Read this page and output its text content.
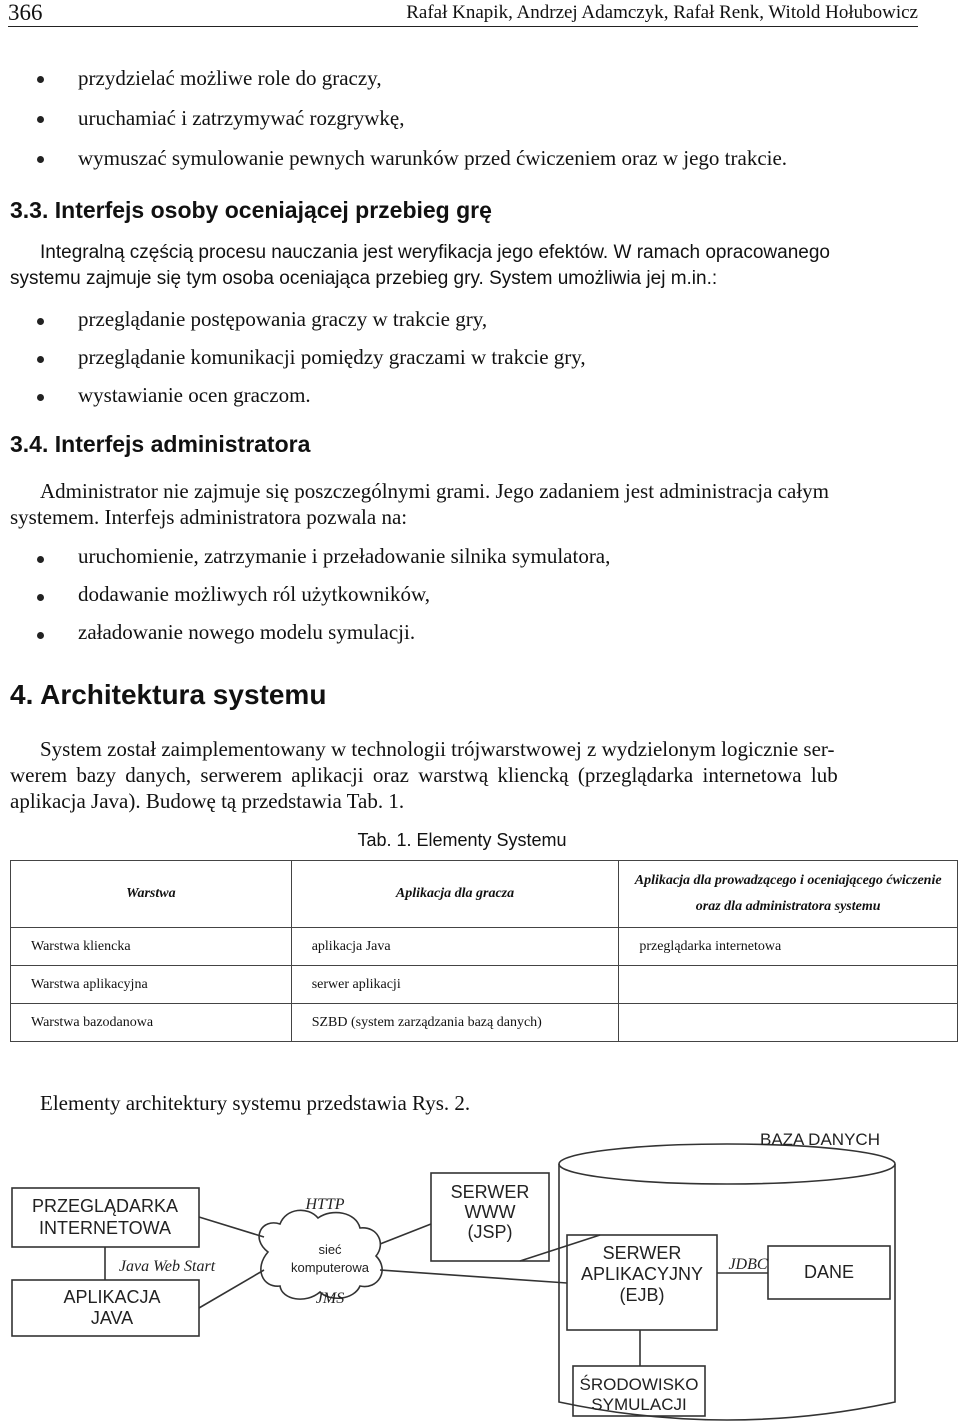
366	Rafał Knapik, Andrzej Adamczyk, Rafał Renk, Witold Hołubowicz
przydzielać możliwe role do graczy,
uruchamiać i zatrzymywać rozgrywkę,
wymuszać symulowanie pewnych warunków przed ćwiczeniem oraz w jego trakcie.
3.3. Interfejs osoby oceniającej przebieg grę
Integralną częścią procesu nauczania jest weryfikacja jego efektów. W ramach opracowanego
systemu zajmuje się tym osoba oceniająca przebieg gry. System umożliwia jej m.in.:
przeglądanie postępowania graczy w trakcie gry,
przeglądanie komunikacji pomiędzy graczami w trakcie gry,
wystawianie ocen graczom.
3.4. Interfejs administratora
Administrator nie zajmuje się poszczególnymi grami. Jego zadaniem jest administracja całym
systemem. Interfejs administratora pozwala na:
uruchomienie, zatrzymanie i przeładowanie silnika symulatora,
dodawanie możliwych ról użytkowników,
załadowanie nowego modelu symulacji.
4. Architektura systemu
System został zaimplementowany w technologii trójwarstwowej z wydzielonym logicznie ser-
werem bazy danych, serwerem aplikacji oraz warstwą kliencką (przeglądarka internetowa lub
aplikacja Java). Budowę tą przedstawia Tab. 1.
Tab. 1. Elementy Systemu
Warstwa	Aplikacja dla gracza	Aplikacja dla prowadzącego i oceniającego ćwiczenie oraz dla administratora systemu
Warstwa kliencka	aplikacja Java	przeglądarka internetowa
Warstwa aplikacyjna	serwer aplikacji	
Warstwa bazodanowa	SZBD (system zarządzania bazą danych)	
Elementy architektury systemu przedstawia Rys. 2.
BAZA DANYCH
PRZEGLĄDARKA
INTERNETOWA
APLIKACJA
JAVA
HTTP
Java Web Start
sieć
komputerowa
JMS
SERWER
WWW
(JSP)
SERWER
APLIKACYJNY
(EJB)
JDBC DANE
ŚRODOWISKO
SYMULACJI
